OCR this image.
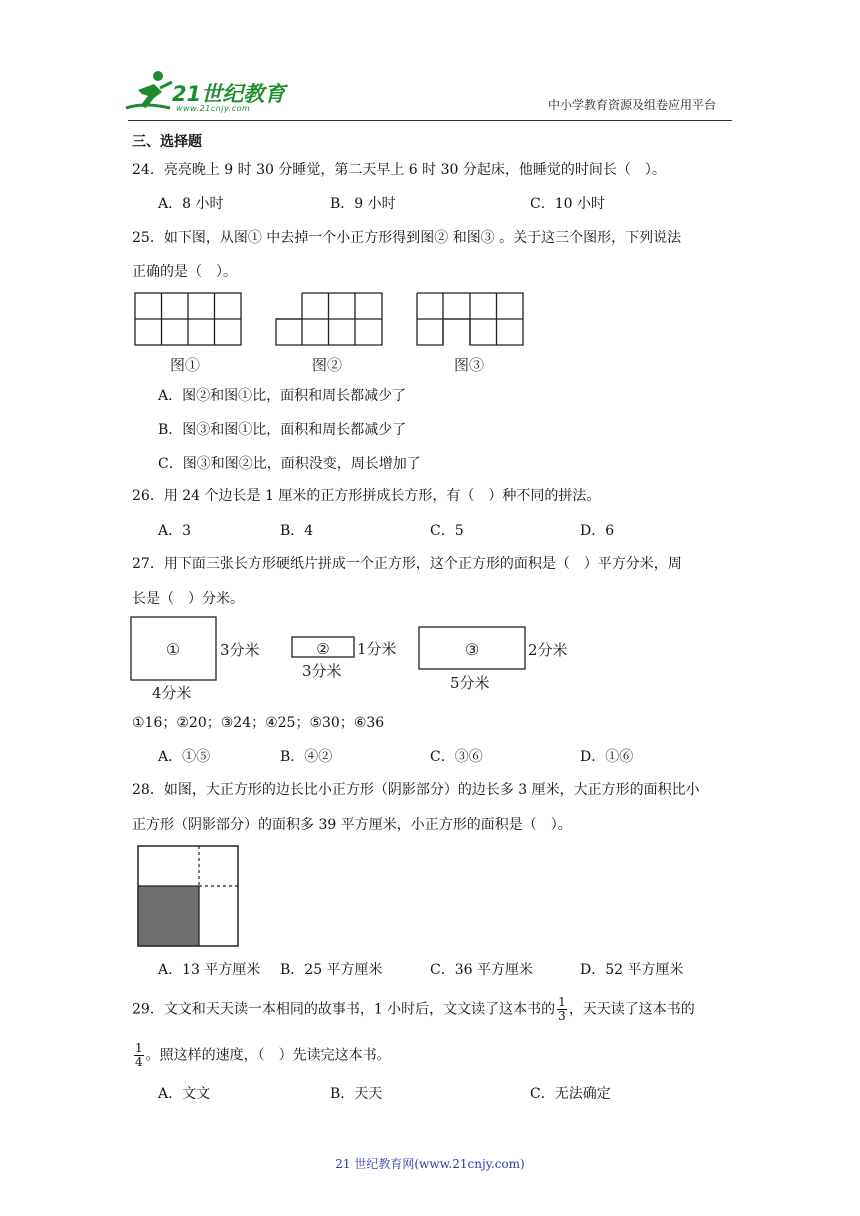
21世纪教育
www.21cnjy.com	中小学教育资源及组卷应用平台
三、选择题
24．亮亮晚上 9 时 30 分睡觉，第二天早上 6 时 30 分起床，他睡觉的时间长（　）。
A．8 小时	B．9 小时	C．10 小时
25．如下图，从图① 中去掉一个小正方形得到图② 和图③ 。关于这三个图形，下列说法
正确的是（　）。
图①	图②	图③
A．图②和图①比，面积和周长都减少了
B．图③和图①比，面积和周长都减少了
C．图③和图②比，面积没变，周长增加了
26．用 24 个边长是 1 厘米的正方形拼成长方形，有（　）种不同的拼法。
A．3	B．4	C．5	D．6
27．用下面三张长方形硬纸片拼成一个正方形，这个正方形的面积是（　）平方分米，周
长是（　）分米。
①	3分米
4分米
② 1分米
3分米
③	2分米
5分米
①16；②20；③24；④25；⑤30；⑥36
A．①⑤	B．④②	C．③⑥	D．①⑥
28．如图，大正方形的边长比小正方形（阴影部分）的边长多 3 厘米，大正方形的面积比小
正方形（阴影部分）的面积多 39 平方厘米，小正方形的面积是（　）。
A．13 平方厘米 B．25 平方厘米	C．36 平方厘米	D．52 平方厘米
29．文文和天天读一本相同的故事书，1 小时后，文文读了这本书的 $\frac{1}{3}$ ，天天读了这本书的
$\frac{1}{4}$ 。照这样的速度，（　）先读完这本书。
A．文文	B．天天	C．无法确定
21 世纪教育网(www.21cnjy.com)
